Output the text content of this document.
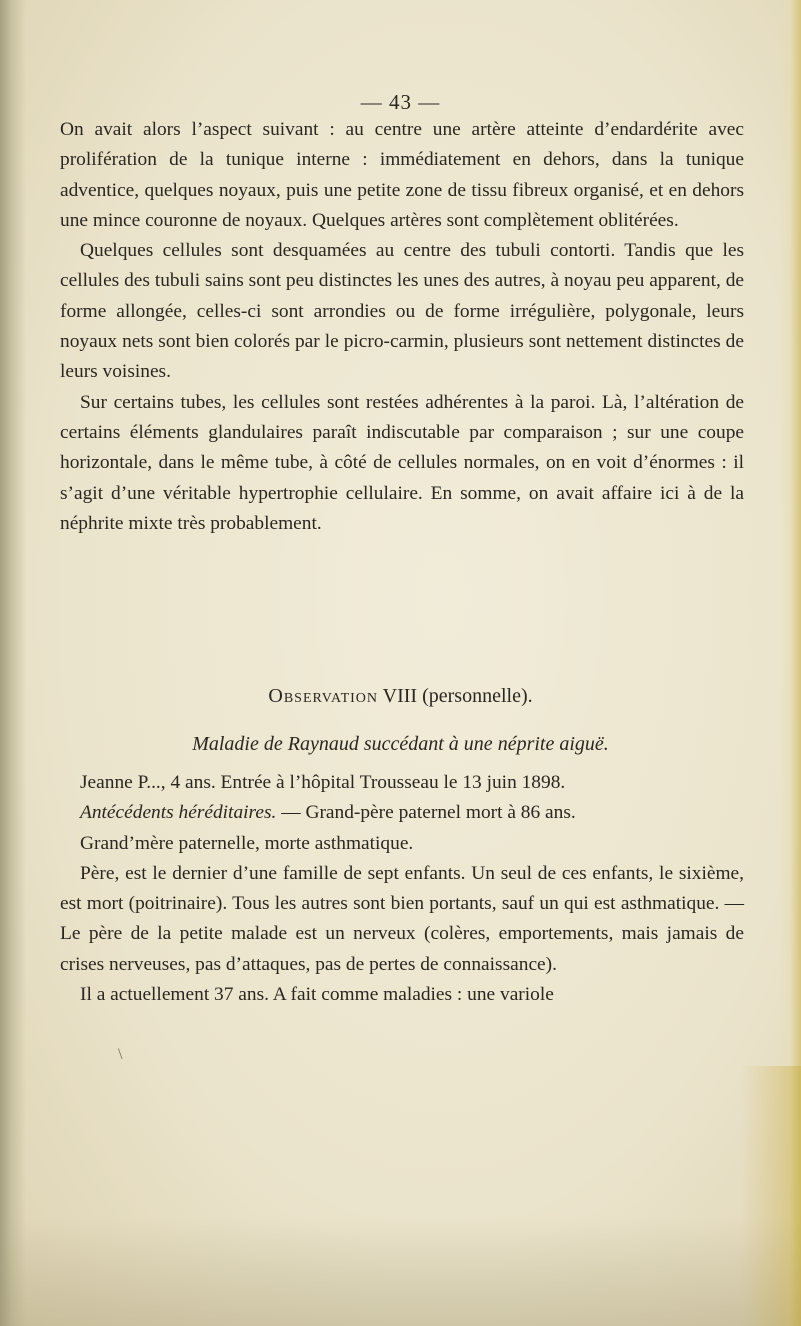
— 43 —

On avait alors l’aspect suivant : au centre une artère atteinte d’endardérite avec prolifération de la tunique interne : immédiatement en dehors, dans la tunique adventice, quelques noyaux, puis une petite zone de tissu fibreux organisé, et en dehors une mince couronne de noyaux. Quelques artères sont complètement oblitérées.

Quelques cellules sont desquamées au centre des tubuli contorti. Tandis que les cellules des tubuli sains sont peu distinctes les unes des autres, à noyau peu apparent, de forme allongée, celles-ci sont arrondies ou de forme irrégulière, polygonale, leurs noyaux nets sont bien colorés par le picro-carmin, plusieurs sont nettement distinctes de leurs voisines.

Sur certains tubes, les cellules sont restées adhérentes à la paroi. Là, l’altération de certains éléments glandulaires paraît indiscutable par comparaison ; sur une coupe horizontale, dans le même tube, à côté de cellules normales, on en voit d’énormes : il s’agit d’une véritable hypertrophie cellulaire. En somme, on avait affaire ici à de la néphrite mixte très probablement.

Observation VIII (personnelle).
Maladie de Raynaud succédant à une néprite aiguë.

Jeanne P..., 4 ans. Entrée à l’hôpital Trousseau le 13 juin 1898.

Antécédents héréditaires. — Grand-père paternel mort à 86 ans.

Grand’mère paternelle, morte asthmatique.

Père, est le dernier d’une famille de sept enfants. Un seul de ces enfants, le sixième, est mort (poitrinaire). Tous les autres sont bien portants, sauf un qui est asthmatique. — Le père de la petite malade est un nerveux (colères, emportements, mais jamais de crises nerveuses, pas d’attaques, pas de pertes de connaissance).

Il a actuellement 37 ans. A fait comme maladies : une variole

\
